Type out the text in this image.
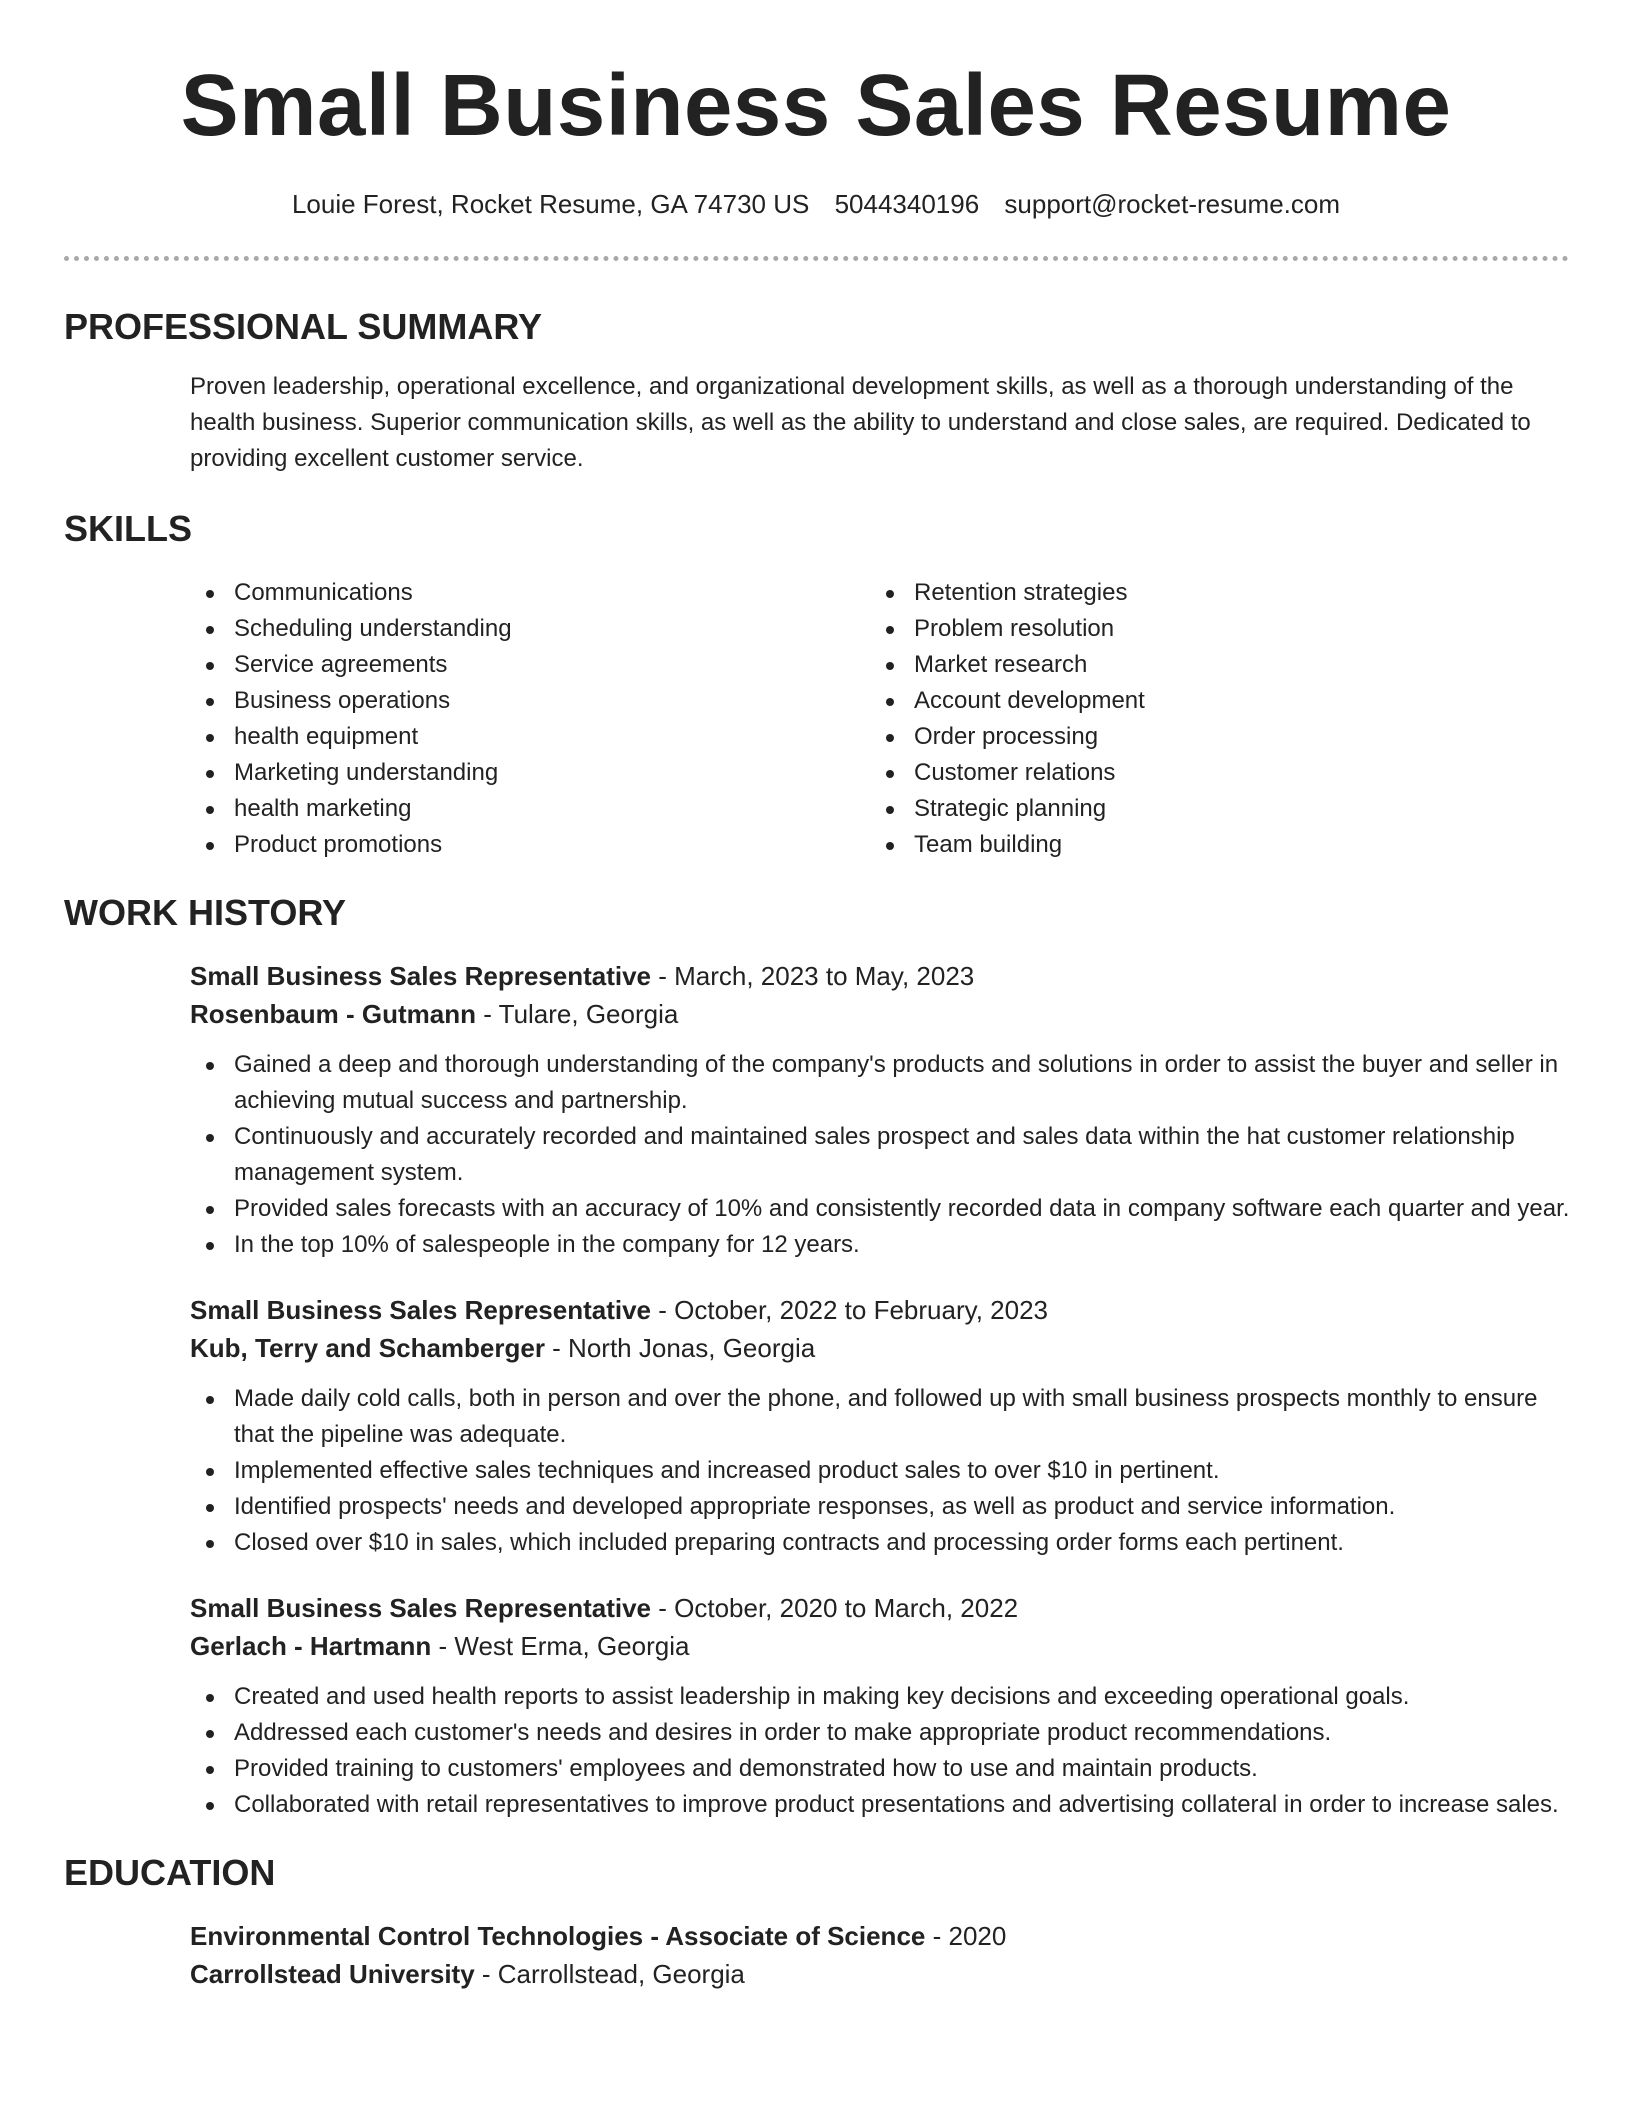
Small Business Sales Resume
Louie Forest, Rocket Resume, GA 74730 US 5044340196 support@rocket-resume.com
PROFESSIONAL SUMMARY

Proven leadership, operational excellence, and organizational development skills, as well as a thorough understanding of the health business. Superior communication skills, as well as the ability to understand and close sales, are required. Dedicated to providing excellent customer service.

SKILLS
Communications
Scheduling understanding
Service agreements
Business operations
health equipment
Marketing understanding
health marketing
Product promotions
Retention strategies
Problem resolution
Market research
Account development
Order processing
Customer relations
Strategic planning
Team building
WORK HISTORY
Small Business Sales Representative - March, 2023 to May, 2023
Rosenbaum - Gutmann - Tulare, Georgia
Gained a deep and thorough understanding of the company's products and solutions in order to assist the buyer and seller in achieving mutual success and partnership.
Continuously and accurately recorded and maintained sales prospect and sales data within the hat customer relationship management system.
Provided sales forecasts with an accuracy of 10% and consistently recorded data in company software each quarter and year.
In the top 10% of salespeople in the company for 12 years.
Small Business Sales Representative - October, 2022 to February, 2023
Kub, Terry and Schamberger - North Jonas, Georgia
Made daily cold calls, both in person and over the phone, and followed up with small business prospects monthly to ensure that the pipeline was adequate.
Implemented effective sales techniques and increased product sales to over $10 in pertinent.
Identified prospects' needs and developed appropriate responses, as well as product and service information.
Closed over $10 in sales, which included preparing contracts and processing order forms each pertinent.
Small Business Sales Representative - October, 2020 to March, 2022
Gerlach - Hartmann - West Erma, Georgia
Created and used health reports to assist leadership in making key decisions and exceeding operational goals.
Addressed each customer's needs and desires in order to make appropriate product recommendations.
Provided training to customers' employees and demonstrated how to use and maintain products.
Collaborated with retail representatives to improve product presentations and advertising collateral in order to increase sales.
EDUCATION
Environmental Control Technologies - Associate of Science - 2020
Carrollstead University - Carrollstead, Georgia
